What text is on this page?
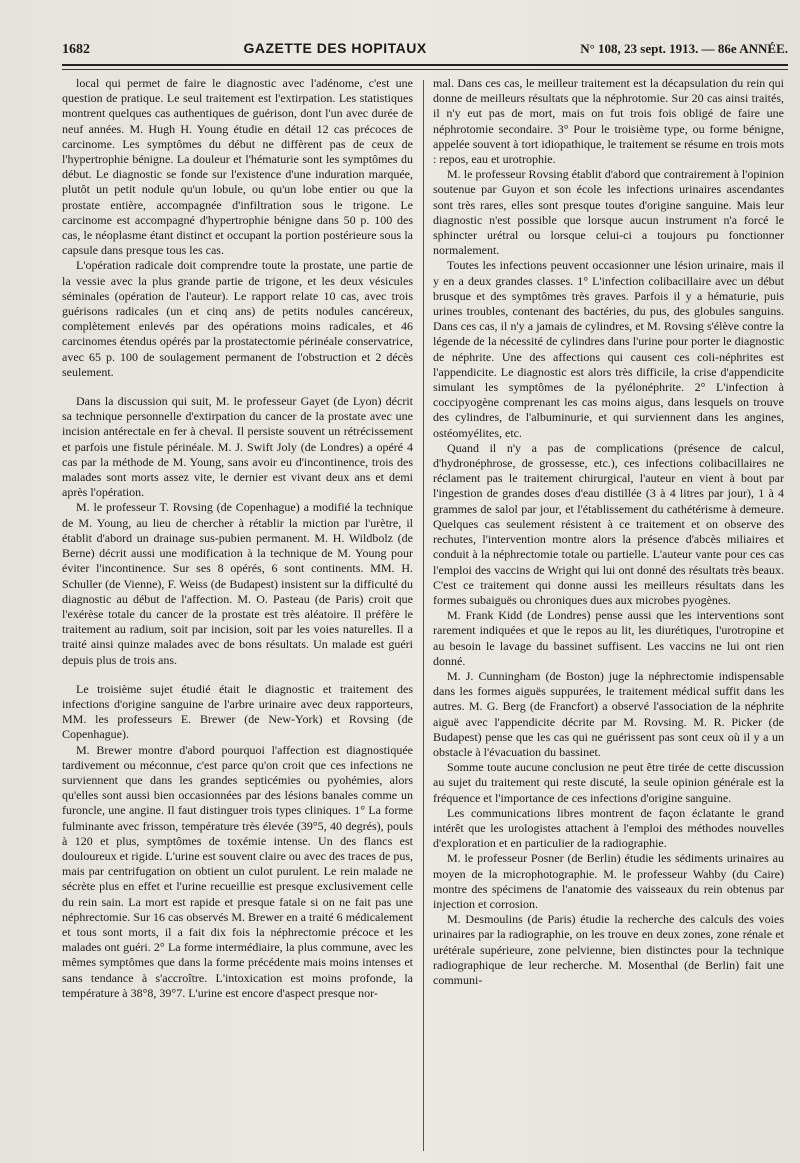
1682	GAZETTE DES HOPITAUX	N° 108, 23 sept. 1913. — 86e ANNÉE.

local qui permet de faire le diagnostic avec l'adénome, c'est une question de pratique. Le seul traitement est l'extirpation. Les statistiques montrent quelques cas authentiques de guérison, dont l'un avec durée de neuf années. M. Hugh H. Young étudie en détail 12 cas précoces de carcinome. Les symptômes du début ne diffèrent pas de ceux de l'hypertrophie bénigne. La douleur et l'hématurie sont les symptômes du début. Le diagnostic se fonde sur l'existence d'une induration marquée, plutôt un petit nodule qu'un lobule, ou qu'un lobe entier ou que la prostate entière, accompagnée d'infiltration sous le trigone. Le carcinome est accompagné d'hypertrophie bénigne dans 50 p. 100 des cas, le néoplasme étant distinct et occupant la portion postérieure sous la capsule dans presque tous les cas.

L'opération radicale doit comprendre toute la prostate, une partie de la vessie avec la plus grande partie de trigone, et les deux vésicules séminales (opération de l'auteur). Le rapport relate 10 cas, avec trois guérisons radicales (un et cinq ans) de petits nodules cancéreux, complètement enlevés par des opérations moins radicales, et 46 carcinomes étendus opérés par la prostatectomie périnéale conservatrice, avec 65 p. 100 de soulagement permanent de l'obstruction et 2 décès seulement.

Dans la discussion qui suit, M. le professeur Gayet (de Lyon) décrit sa technique personnelle d'extirpation du cancer de la prostate avec une incision antérectale en fer à cheval. Il persiste souvent un rétrécissement et parfois une fistule périnéale. M. J. Swift Joly (de Londres) a opéré 4 cas par la méthode de M. Young, sans avoir eu d'incontinence, trois des malades sont morts assez vite, le dernier est vivant deux ans et demi après l'opération.

M. le professeur T. Rovsing (de Copenhague) a modifié la technique de M. Young, au lieu de chercher à rétablir la miction par l'urètre, il établit d'abord un drainage sus-pubien permanent. M. H. Wildbolz (de Berne) décrit aussi une modification à la technique de M. Young pour éviter l'incontinence. Sur ses 8 opérés, 6 sont continents. MM. H. Schuller (de Vienne), F. Weiss (de Budapest) insistent sur la difficulté du diagnostic au début de l'affection. M. O. Pasteau (de Paris) croit que l'exérèse totale du cancer de la prostate est très aléatoire. Il préfère le traitement au radium, soit par incision, soit par les voies naturelles. Il a traité ainsi quinze malades avec de bons résultats. Un malade est guéri depuis plus de trois ans.

Le troisième sujet étudié était le diagnostic et traitement des infections d'origine sanguine de l'arbre urinaire avec deux rapporteurs, MM. les professeurs E. Brewer (de New-York) et Rovsing (de Copenhague).

M. Brewer montre d'abord pourquoi l'affection est diagnostiquée tardivement ou méconnue, c'est parce qu'on croit que ces infections ne surviennent que dans les grandes septicémies ou pyohémies, alors qu'elles sont aussi bien occasionnées par des lésions banales comme un furoncle, une angine. Il faut distinguer trois types cliniques. 1° La forme fulminante avec frisson, température très élevée (39°5, 40 degrés), pouls à 120 et plus, symptômes de toxémie intense. Un des flancs est douloureux et rigide. L'urine est souvent claire ou avec des traces de pus, mais par centrifugation on obtient un culot purulent. Le rein malade ne sécrète plus en effet et l'urine recueillie est presque exclusivement celle du rein sain. La mort est rapide et presque fatale si on ne fait pas une néphrectomie. Sur 16 cas observés M. Brewer en a traité 6 médicalement et tous sont morts, il a fait dix fois la néphrectomie précoce et les malades ont guéri. 2° La forme intermédiaire, la plus commune, avec les mêmes symptômes que dans la forme précédente mais moins intenses et sans tendance à s'accroître. L'intoxication est moins profonde, la température à 38°8, 39°7. L'urine est encore d'aspect presque nor-

mal. Dans ces cas, le meilleur traitement est la décapsulation du rein qui donne de meilleurs résultats que la néphrotomie. Sur 20 cas ainsi traités, il n'y eut pas de mort, mais on fut trois fois obligé de faire une néphrotomie secondaire. 3° Pour le troisième type, ou forme bénigne, appelée souvent à tort idiopathique, le traitement se résume en trois mots : repos, eau et urotrophie.

M. le professeur Rovsing établit d'abord que contrairement à l'opinion soutenue par Guyon et son école les infections urinaires ascendantes sont très rares, elles sont presque toutes d'origine sanguine. Mais leur diagnostic n'est possible que lorsque aucun instrument n'a forcé le sphincter urétral ou lorsque celui-ci a toujours pu fonctionner normalement.

Toutes les infections peuvent occasionner une lésion urinaire, mais il y en a deux grandes classes. 1° L'infection colibacillaire avec un début brusque et des symptômes très graves. Parfois il y a hématurie, puis urines troubles, contenant des bactéries, du pus, des globules sanguins. Dans ces cas, il n'y a jamais de cylindres, et M. Rovsing s'élève contre la légende de la nécessité de cylindres dans l'urine pour porter le diagnostic de néphrite. Une des affections qui causent ces coli-néphrites est l'appendicite. Le diagnostic est alors très difficile, la crise d'appendicite simulant les symptômes de la pyélonéphrite. 2° L'infection à coccipyogène comprenant les cas moins aigus, dans lesquels on trouve des cylindres, de l'albuminurie, et qui surviennent dans les angines, ostéomyélites, etc.

Quand il n'y a pas de complications (présence de calcul, d'hydronéphrose, de grossesse, etc.), ces infections colibacillaires ne réclament pas le traitement chirurgical, l'auteur en vient à bout par l'ingestion de grandes doses d'eau distillée (3 à 4 litres par jour), 1 à 4 grammes de salol par jour, et l'établissement du cathétérisme à demeure. Quelques cas seulement résistent à ce traitement et on observe des rechutes, l'intervention montre alors la présence d'abcès miliaires et conduit à la néphrectomie totale ou partielle. L'auteur vante pour ces cas l'emploi des vaccins de Wright qui lui ont donné des résultats très beaux. C'est ce traitement qui donne aussi les meilleurs résultats dans les formes subaiguës ou chroniques dues aux microbes pyogènes.

M. Frank Kidd (de Londres) pense aussi que les interventions sont rarement indiquées et que le repos au lit, les diurétiques, l'urotropine et au besoin le lavage du bassinet suffisent. Les vaccins ne lui ont rien donné.

M. J. Cunningham (de Boston) juge la néphrectomie indispensable dans les formes aiguës suppurées, le traitement médical suffit dans les autres. M. G. Berg (de Francfort) a observé l'association de la néphrite aiguë avec l'appendicite décrite par M. Rovsing. M. R. Picker (de Budapest) pense que les cas qui ne guérissent pas sont ceux où il y a un obstacle à l'évacuation du bassinet.

Somme toute aucune conclusion ne peut être tirée de cette discussion au sujet du traitement qui reste discuté, la seule opinion générale est la fréquence et l'importance de ces infections d'origine sanguine.

Les communications libres montrent de façon éclatante le grand intérêt que les urologistes attachent à l'emploi des méthodes nouvelles d'exploration et en particulier de la radiographie.

M. le professeur Posner (de Berlin) étudie les sédiments urinaires au moyen de la microphotographie. M. le professeur Wahby (du Caire) montre des spécimens de l'anatomie des vaisseaux du rein obtenus par injection et corrosion.

M. Desmoulins (de Paris) étudie la recherche des calculs des voies urinaires par la radiographie, on les trouve en deux zones, zone rénale et urétérale supérieure, zone pelvienne, bien distinctes pour la technique radiographique de leur recherche. M. Mosenthal (de Berlin) fait une communi-
